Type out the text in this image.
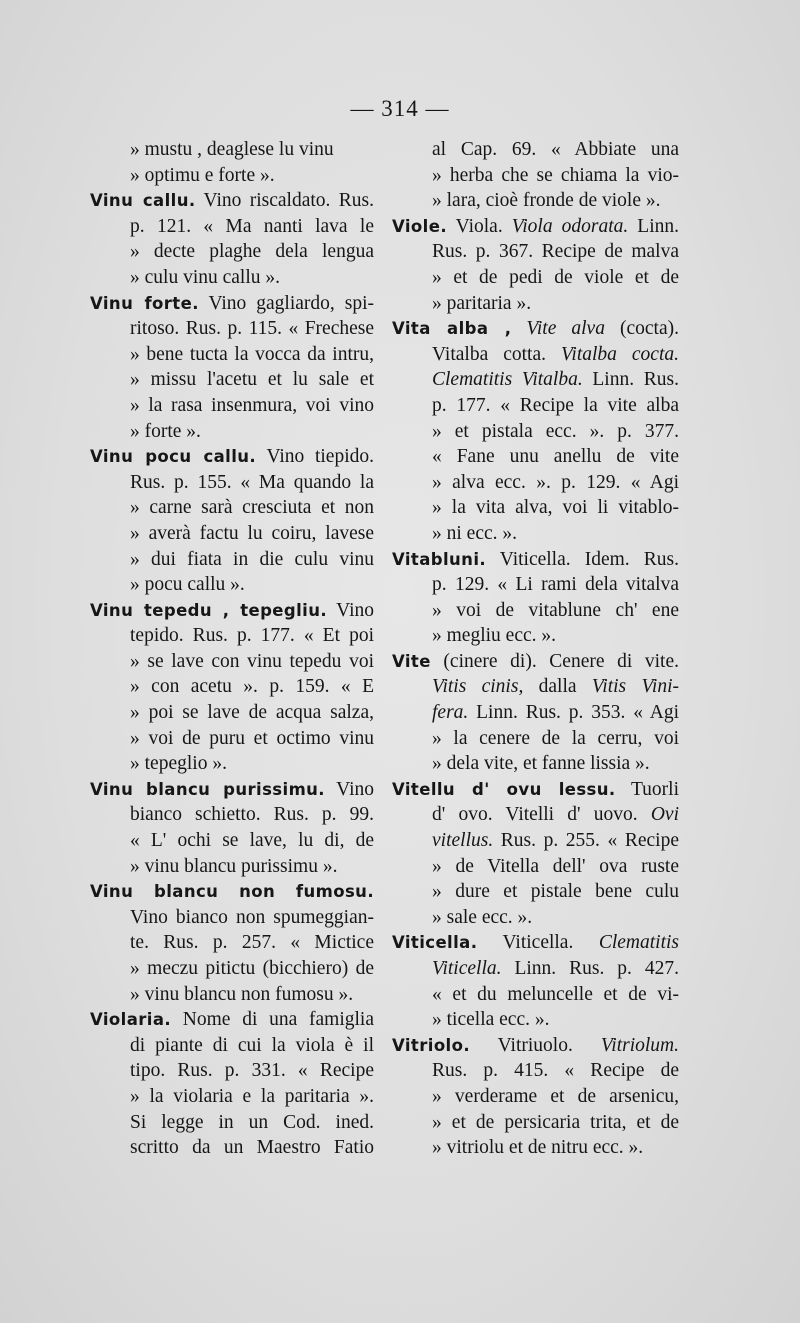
— 314 —
» mustu , deaglese lu vinu
» optimu e forte ».
Vinu callu. Vino riscaldato. Rus.
p. 121. « Ma nanti lava le
» decte plaghe dela lengua
» culu vinu callu ».
Vinu forte. Vino gagliardo, spi-
ritoso. Rus. p. 115. « Frechese
» bene tucta la vocca da intru,
» missu l'acetu et lu sale et
» la rasa insenmura, voi vino
» forte ».
Vinu pocu callu. Vino tiepido.
Rus. p. 155. « Ma quando la
» carne sarà cresciuta et non
» averà factu lu coiru, lavese
» dui fiata in die culu vinu
» pocu callu ».
Vinu tepedu , tepegliu. Vino
tepido. Rus. p. 177. « Et poi
» se lave con vinu tepedu voi
» con acetu ». p. 159. « E
» poi se lave de acqua salza,
» voi de puru et octimo vinu
» tepeglio ».
Vinu blancu purissimu. Vino
bianco schietto. Rus. p. 99.
« L' ochi se lave, lu di, de
» vinu blancu purissimu ».
Vinu blancu non fumosu.
Vino bianco non spumeggian-
te. Rus. p. 257. « Mictice
» meczu pitictu (bicchiero) de
» vinu blancu non fumosu ».
Violaria. Nome di una famiglia
di piante di cui la viola è il
tipo. Rus. p. 331. « Recipe
» la violaria e la paritaria ».
Si legge in un Cod. ined.
scritto da un Maestro Fatio
al Cap. 69. « Abbiate una
» herba che se chiama la vio-
» lara, cioè fronde de viole ».
Viole. Viola. Viola odorata. Linn.
Rus. p. 367. Recipe de malva
» et de pedi de viole et de
» paritaria ».
Vita alba , Vite alva (cocta).
Vitalba cotta. Vitalba cocta.
Clematitis Vitalba. Linn. Rus.
p. 177. « Recipe la vite alba
» et pistala ecc. ». p. 377.
« Fane unu anellu de vite
» alva ecc. ». p. 129. « Agi
» la vita alva, voi li vitablo-
» ni ecc. ».
Vitabluni. Viticella. Idem. Rus.
p. 129. « Li rami dela vitalva
» voi de vitablune ch' ene
» megliu ecc. ».
Vite (cinere di). Cenere di vite.
Vitis cinis, dalla Vitis Vini-
fera. Linn. Rus. p. 353. « Agi
» la cenere de la cerru, voi
» dela vite, et fanne lissia ».
Vitellu d' ovu lessu. Tuorli
d' ovo. Vitelli d' uovo. Ovi
vitellus. Rus. p. 255. « Recipe
» de Vitella dell' ova ruste
» dure et pistale bene culu
» sale ecc. ».
Viticella. Viticella. Clematitis
Viticella. Linn. Rus. p. 427.
« et du meluncelle et de vi-
» ticella ecc. ».
Vitriolo. Vitriuolo. Vitriolum.
Rus. p. 415. « Recipe de
» verderame et de arsenicu,
» et de persicaria trita, et de
» vitriolu et de nitru ecc. ».
